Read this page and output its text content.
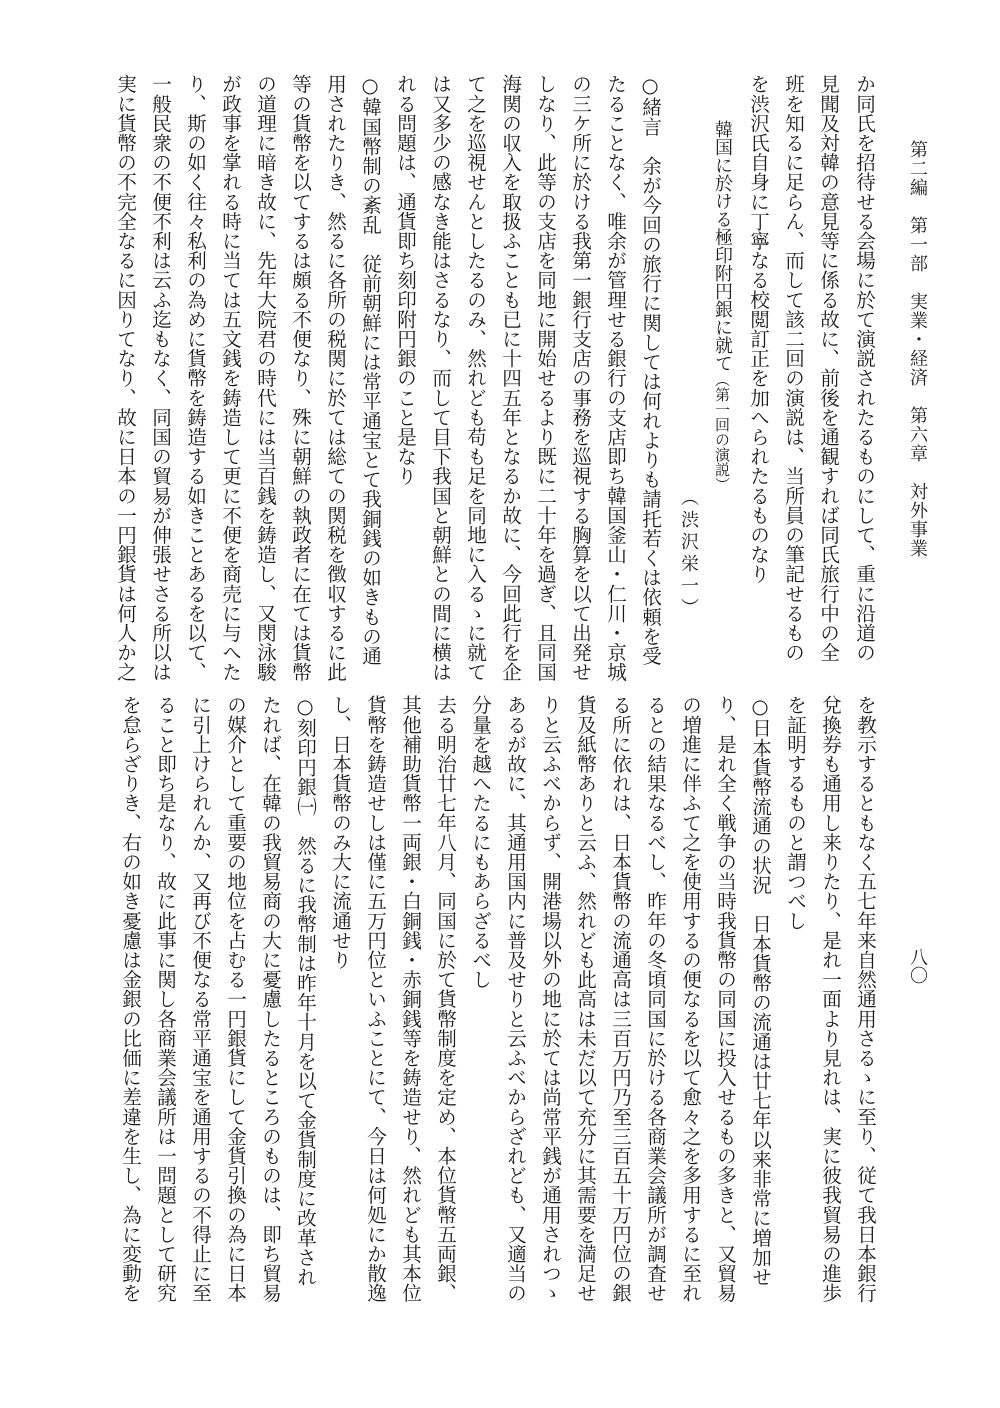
第二編　第一部　実業・経済　第六章　対外事業
八〇
か同氏を招待せる会場に於て演説されたるものにして、重に沿道の
見聞及対韓の意見等に係る故に、前後を通観すれば同氏旅行中の全
班を知るに足らん、而して該二回の演説は、当所員の筆記せるもの
を渋沢氏自身に丁寧なる校閲訂正を加へられたるものなり
韓国に於ける極印附円銀に就て（第一回の演説）
（渋沢栄一）
○緒言　余が今回の旅行に関しては何れよりも請托若くは依頼を受
たることなく、唯余が管理せる銀行の支店即ち韓国釜山・仁川・京城
の三ケ所に於ける我第一銀行支店の事務を巡視する胸算を以て出発せ
しなり、此等の支店を同地に開始せるより既に二十年を過ぎ、且同国
海関の収入を取扱ふことも已に十四五年となるか故に、今回此行を企
て之を巡視せんとしたるのみ、然れども苟も足を同地に入るゝに就て
は又多少の感なき能はさるなり、而して目下我国と朝鮮との間に横は
れる問題は、通貨即ち刻印附円銀のこと是なり
○韓国幣制の紊乱　従前朝鮮には常平通宝とて我銅銭の如きもの通
用されたりき、然るに各所の税関に於ては総ての関税を徴収するに此
等の貨幣を以てするは頗る不便なり、殊に朝鮮の執政者に在ては貨幣
の道理に暗き故に、先年大院君の時代には当百銭を鋳造し、又閔泳駿
が政事を掌れる時に当ては五文銭を鋳造して更に不便を商売に与へた
り、斯の如く往々私利の為めに貨幣を鋳造する如きことあるを以て、
一般民衆の不便不利は云ふ迄もなく、同国の貿易が伸張せさる所以は
実に貨幣の不完全なるに因りてなり、故に日本の一円銀貨は何人か之
を教示するともなく五七年来自然通用さるゝに至り、従て我日本銀行
兌換券も通用し来りたり、是れ一面より見れは、実に彼我貿易の進歩
を証明するものと謂つべし
○日本貨幣流通の状況　日本貨幣の流通は廿七年以来非常に増加せ
り、是れ全く戦争の当時我貨幣の同国に投入せるもの多きと、又貿易
の増進に伴ふて之を使用するの便なるを以て愈々之を多用するに至れ
るとの結果なるべし、昨年の冬頃同国に於ける各商業会議所が調査せ
る所に依れは、日本貨幣の流通高は三百万円乃至三百五十万円位の銀
貨及紙幣ありと云ふ、然れども此高は未だ以て充分に其需要を満足せ
りと云ふべからず、開港場以外の地に於ては尚常平銭が通用されつゝ
あるが故に、其通用国内に普及せりと云ふべからざれども、又適当の
分量を越へたるにもあらざるべし
去る明治廿七年八月、同国に於て貨幣制度を定め、本位貨幣五両銀、
其他補助貨幣一両銀・白銅銭・赤銅銭等を鋳造せり、然れども其本位
貨幣を鋳造せしは僅に五万円位といふことにて、今日は何処にか散逸
し、日本貨幣のみ大に流通せり
○刻印円銀㈠　然るに我幣制は昨年十月を以て金貨制度に改革され
たれば、在韓の我貿易商の大に憂慮したるところのものは、即ち貿易
の媒介として重要の地位を占むる一円銀貨にして金貨引換の為に日本
に引上けられんか、又再び不便なる常平通宝を通用するの不得止に至
ること即ち是なり、故に此事に関し各商業会議所は一問題として研究
を怠らざりき、右の如き憂慮は金銀の比価に差違を生し、為に変動を
